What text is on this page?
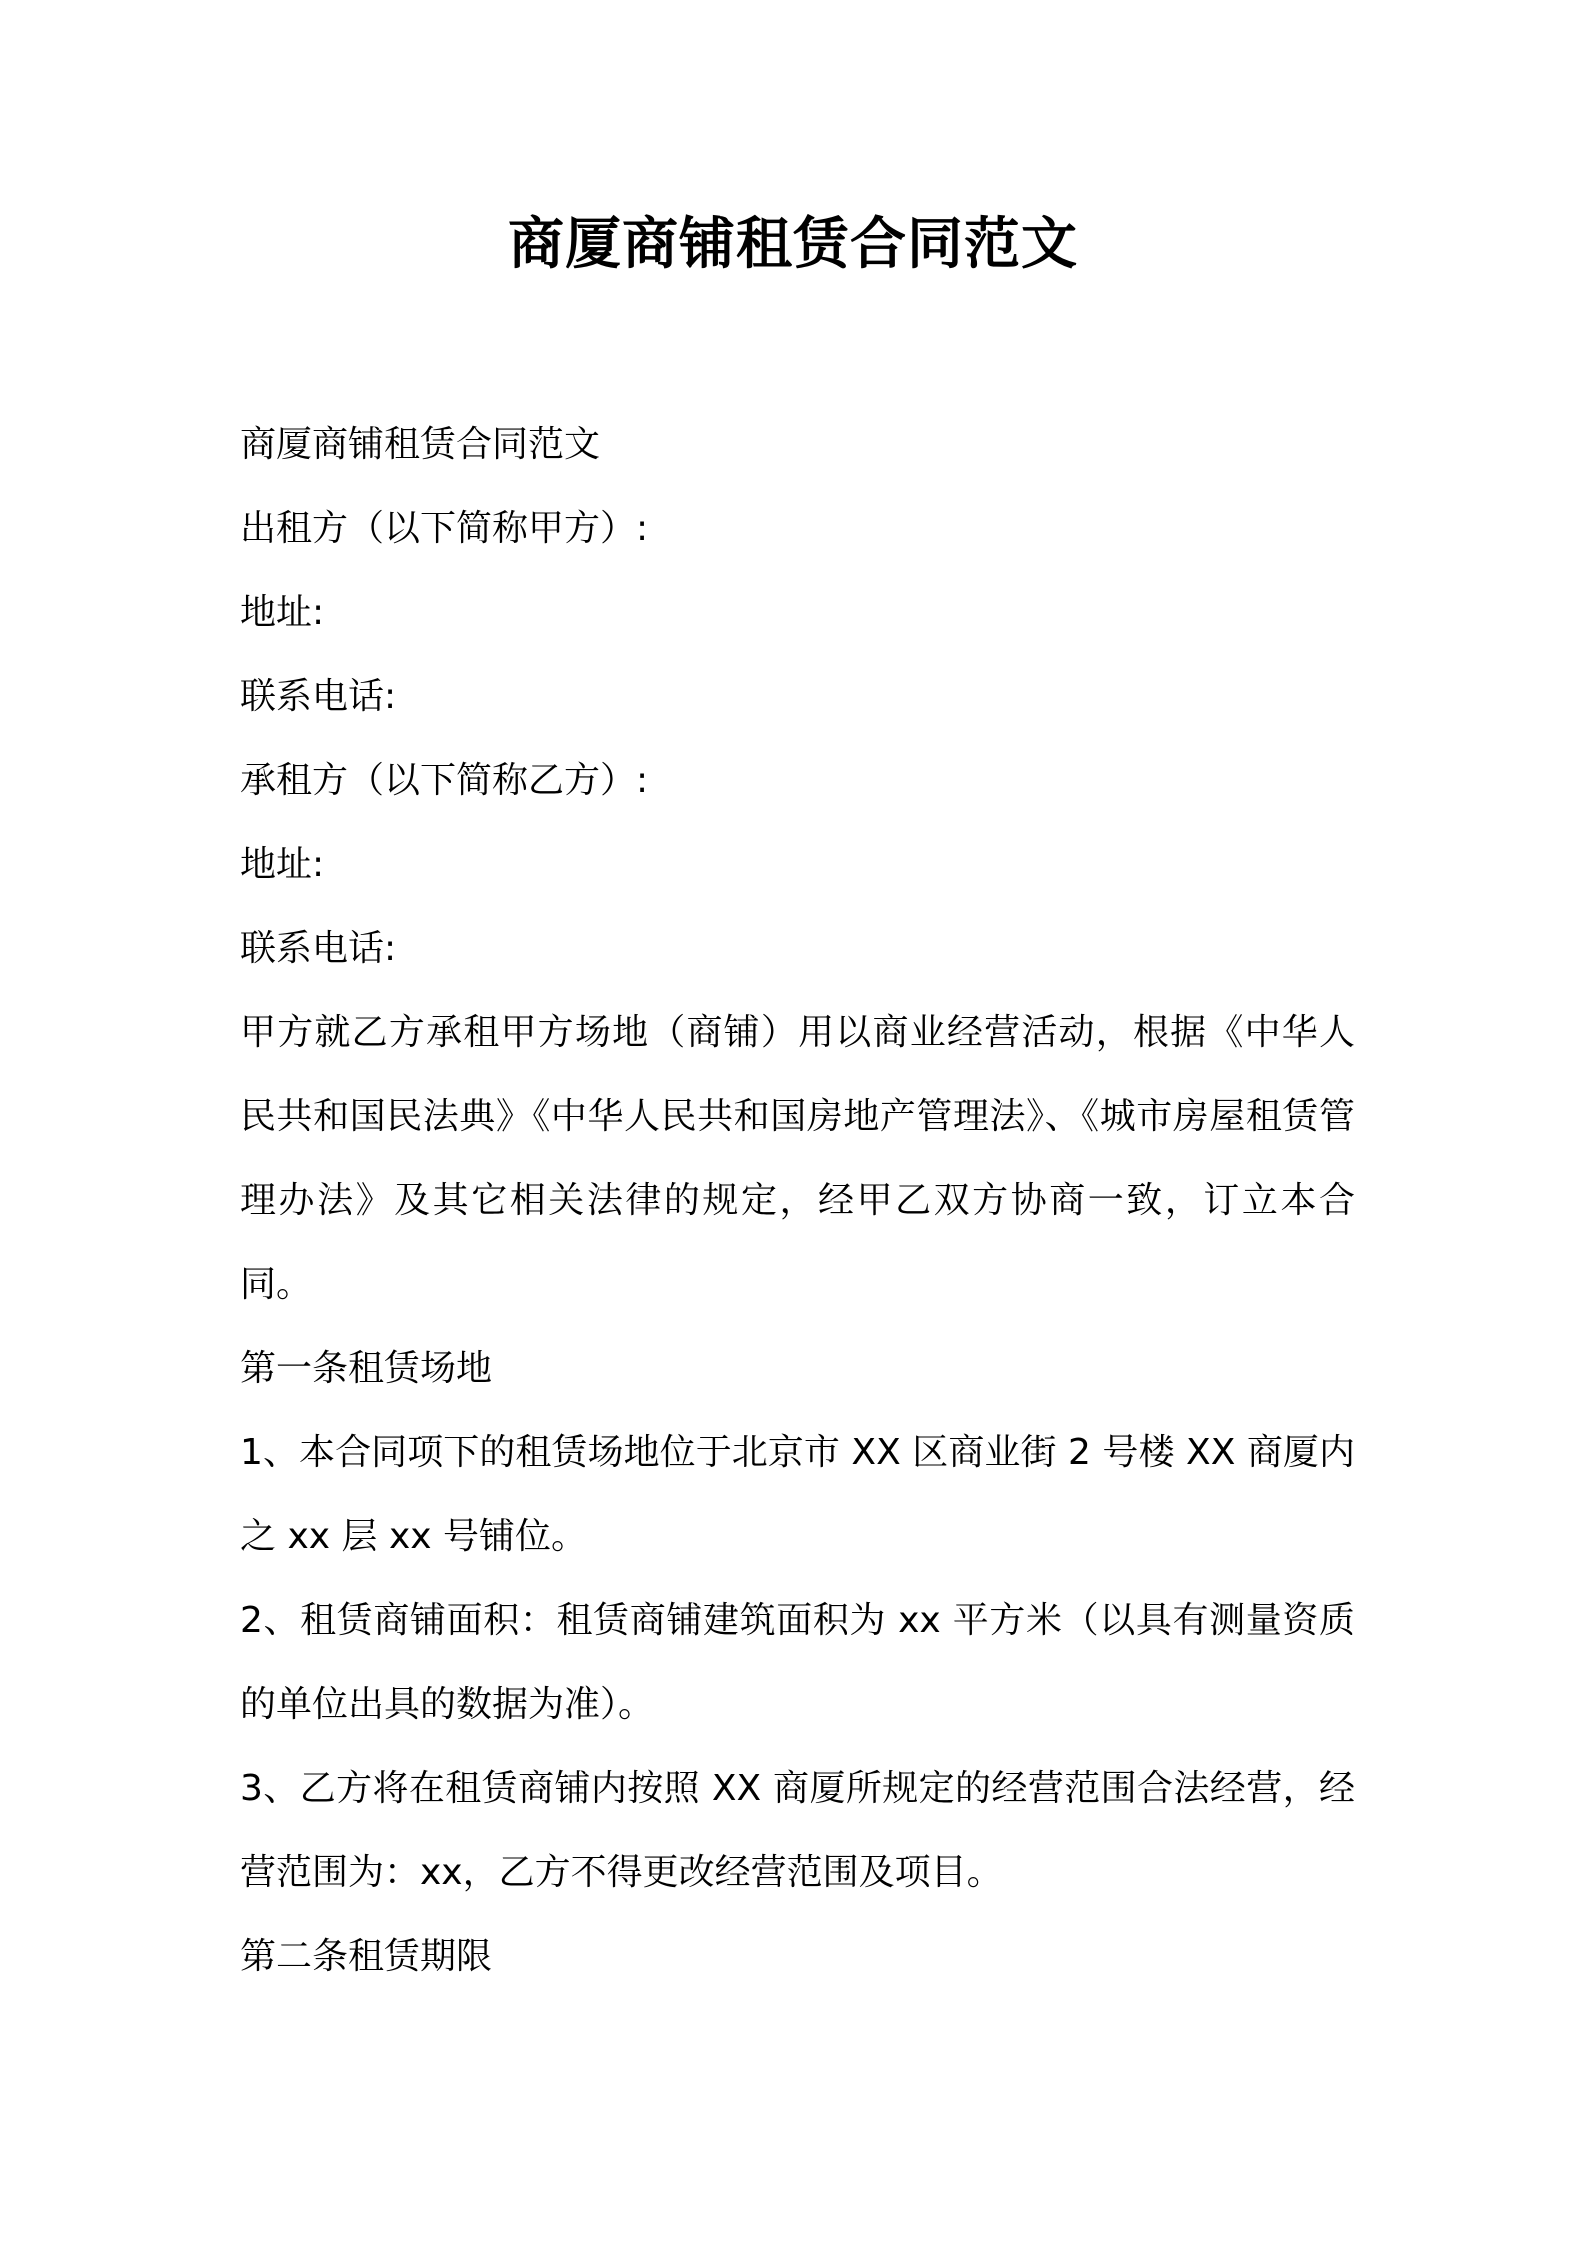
商厦商铺租赁合同范文

商厦商铺租赁合同范文

出租方（以下简称甲方）:

地址:

联系电话:

承租方（以下简称乙方）:

地址:

联系电话:

甲方就乙方承租甲方场地（商铺）用以商业经营活动，根据《中华人民共和国民法典》《中华人民共和国房地产管理法》、《城市房屋租赁管理办法》及其它相关法律的规定，经甲乙双方协商一致，订立本合同。

第一条租赁场地

1、本合同项下的租赁场地位于北京市 XX 区商业街 2 号楼 XX 商厦内之 xx 层 xx 号铺位。

2、租赁商铺面积：租赁商铺建筑面积为 xx 平方米（以具有测量资质的单位出具的数据为准）。

3、乙方将在租赁商铺内按照 XX 商厦所规定的经营范围合法经营，经营范围为：xx，乙方不得更改经营范围及项目。

第二条租赁期限
